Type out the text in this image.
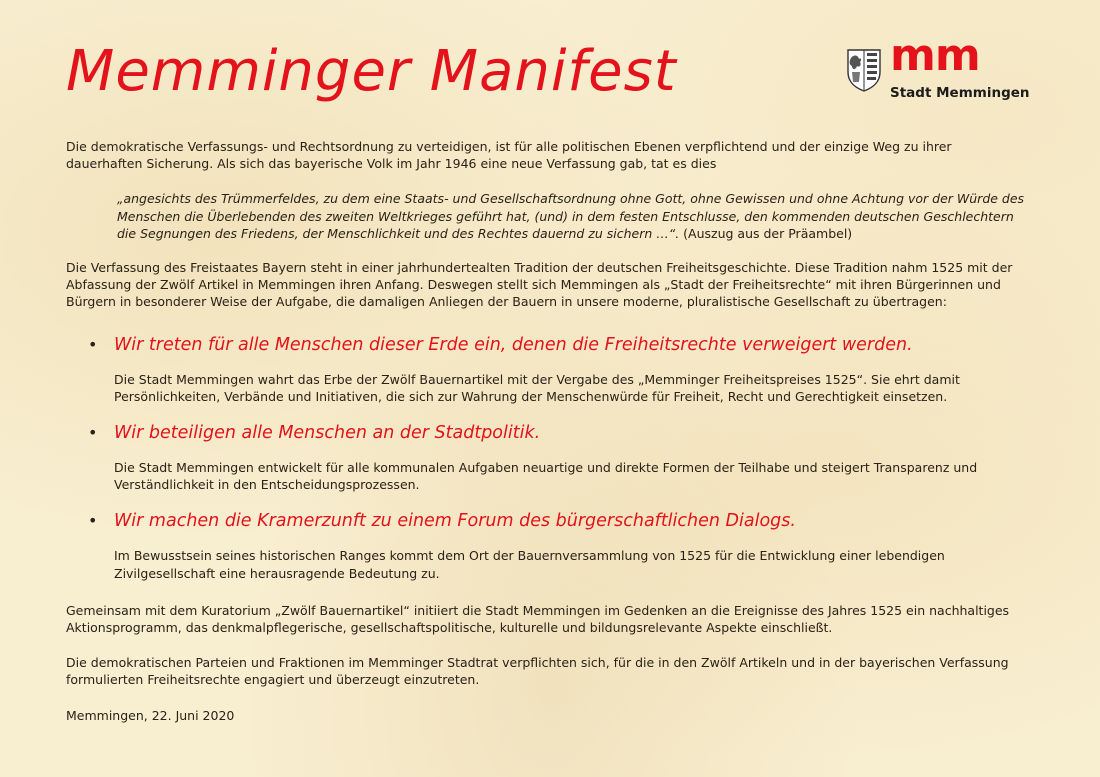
Memminger Manifest	mm
Stadt Memmingen

Die demokratische Verfassungs- und Rechtsordnung zu verteidigen, ist für alle politischen Ebenen verpflichtend und der einzige Weg zu ihrer dauerhaften Sicherung. Als sich das bayerische Volk im Jahr 1946 eine neue Verfassung gab, tat es dies

„angesichts des Trümmerfeldes, zu dem eine Staats- und Gesellschaftsordnung ohne Gott, ohne Gewissen und ohne Achtung vor der Würde des Menschen die Überlebenden des zweiten Weltkrieges geführt hat, (und) in dem festen Entschlusse, den kommenden deutschen Geschlechtern die Segnungen des Friedens, der Menschlichkeit und des Rechtes dauernd zu sichern …“. (Auszug aus der Präambel)

Die Verfassung des Freistaates Bayern steht in einer jahrhundertealten Tradition der deutschen Freiheitsgeschichte. Diese Tradition nahm 1525 mit der Abfassung der Zwölf Artikel in Memmingen ihren Anfang. Deswegen stellt sich Memmingen als „Stadt der Freiheitsrechte“ mit ihren Bürgerinnen und Bürgern in besonderer Weise der Aufgabe, die damaligen Anliegen der Bauern in unsere moderne, pluralistische Gesellschaft zu übertragen:

• Wir treten für alle Menschen dieser Erde ein, denen die Freiheitsrechte verweigert werden.

Die Stadt Memmingen wahrt das Erbe der Zwölf Bauernartikel mit der Vergabe des „Memminger Freiheitspreises 1525“. Sie ehrt damit Persönlichkeiten, Verbände und Initiativen, die sich zur Wahrung der Menschenwürde für Freiheit, Recht und Gerechtigkeit einsetzen.

• Wir beteiligen alle Menschen an der Stadtpolitik.

Die Stadt Memmingen entwickelt für alle kommunalen Aufgaben neuartige und direkte Formen der Teilhabe und steigert Transparenz und Verständlichkeit in den Entscheidungsprozessen.

• Wir machen die Kramerzunft zu einem Forum des bürgerschaftlichen Dialogs.

Im Bewusstsein seines historischen Ranges kommt dem Ort der Bauernversammlung von 1525 für die Entwicklung einer lebendigen Zivilgesellschaft eine herausragende Bedeutung zu.

Gemeinsam mit dem Kuratorium „Zwölf Bauernartikel“ initiiert die Stadt Memmingen im Gedenken an die Ereignisse des Jahres 1525 ein nachhaltiges Aktionsprogramm, das denkmalpflegerische, gesellschaftspolitische, kulturelle und bildungsrelevante Aspekte einschließt.

Die demokratischen Parteien und Fraktionen im Memminger Stadtrat verpflichten sich, für die in den Zwölf Artikeln und in der bayerischen Verfassung formulierten Freiheitsrechte engagiert und überzeugt einzutreten.

Memmingen, 22. Juni 2020
